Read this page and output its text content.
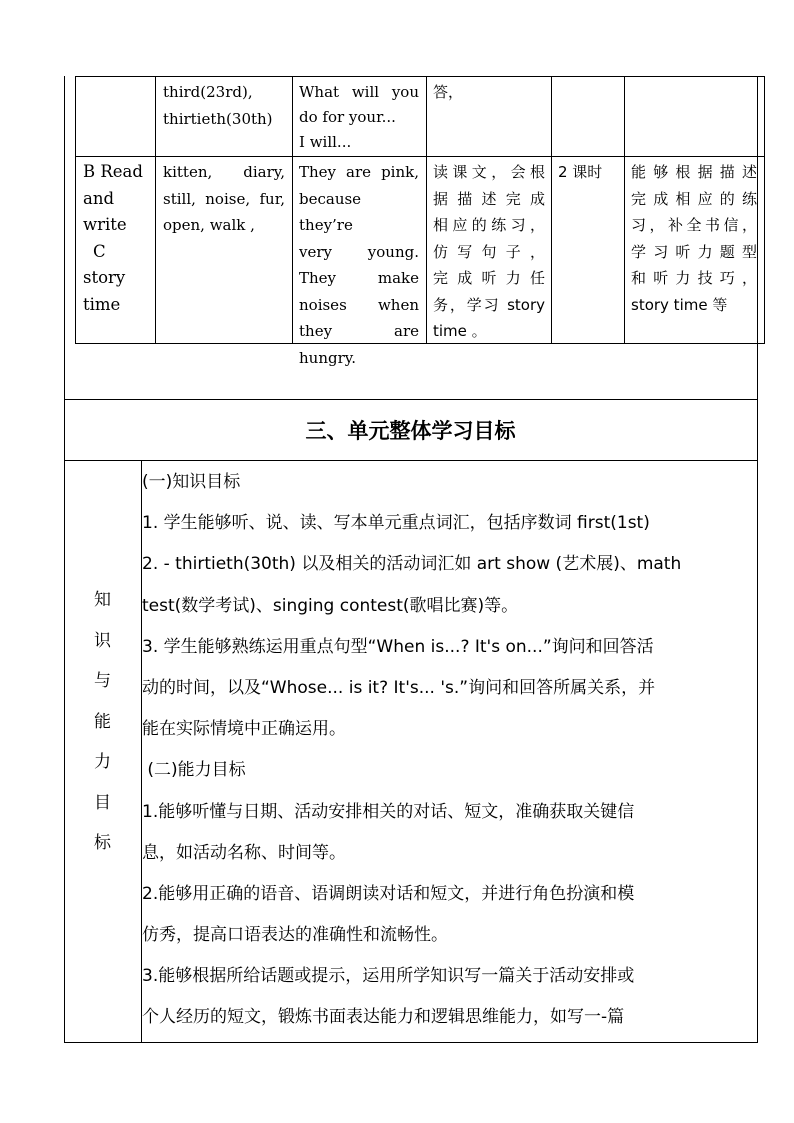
third(23rd),
thirtieth(30th)
What will you
do for your...
I will...
答，
B Read
and
write
C
story
time
kitten, diary,
still, noise, fur,
open, walk ,
They are pink,
because they’re
very young.
They make
noises when
they are
hungry.
读课文，会根
据描述完成
相应的练习，
仿写句子，
完成听力任
务，学习 story
time 。
2 课时	能够根据描述
完成相应的练
习，补全书信，
学习听力题型
和听力技巧，
story time 等
三、单元整体学习目标
知
识
与
能
力
目
标
(一)知识目标
1. 学生能够听、说、读、写本单元重点词汇，包括序数词 first(1st)
2. - thirtieth(30th) 以及相关的活动词汇如 art show (艺术展)、math
test(数学考试)、singing contest(歌唱比赛)等。
3. 学生能够熟练运用重点句型“When is...? It's on...”询问和回答活
动的时间，以及“Whose... is it? It's... 's.”询问和回答所属关系，并
能在实际情境中正确运用。
(二)能力目标
1.能够听懂与日期、活动安排相关的对话、短文，准确获取关键信
息，如活动名称、时间等。
2.能够用正确的语音、语调朗读对话和短文，并进行角色扮演和模
仿秀，提高口语表达的准确性和流畅性。
3.能够根据所给话题或提示，运用所学知识写一篇关于活动安排或
个人经历的短文，锻炼书面表达能力和逻辑思维能力，如写一-篇
